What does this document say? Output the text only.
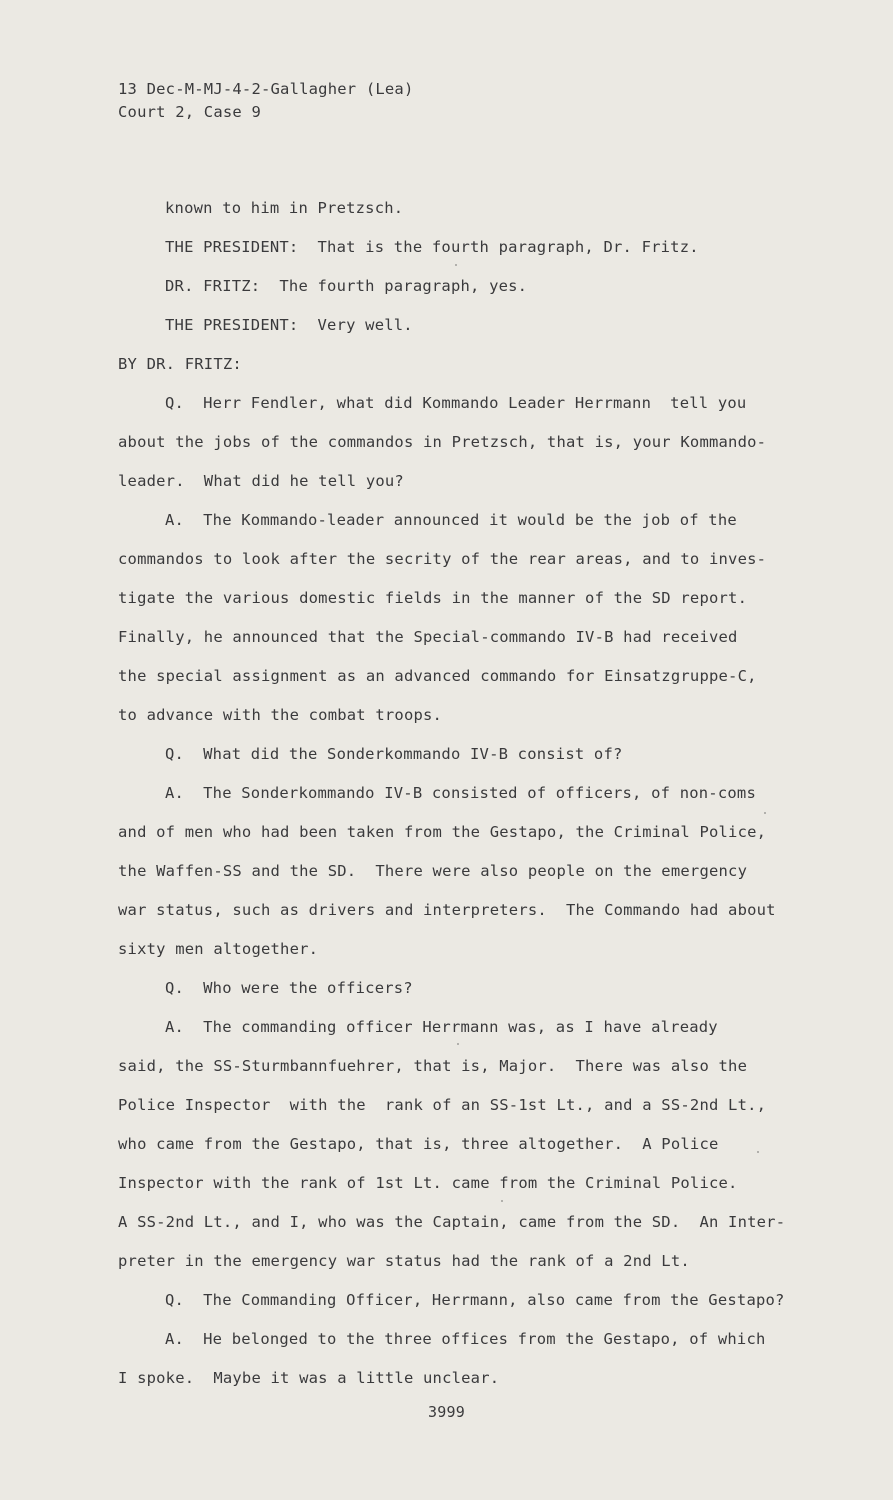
13 Dec-M-MJ-4-2-Gallagher (Lea)
Court 2, Case 9
known to him in Pretzsch.
THE PRESIDENT:  That is the fourth paragraph, Dr. Fritz.
DR. FRITZ:  The fourth paragraph, yes.
THE PRESIDENT:  Very well.
BY DR. FRITZ:
Q.  Herr Fendler, what did Kommando Leader Herrmann  tell you
about the jobs of the commandos in Pretzsch, that is, your Kommando-
leader.  What did he tell you?
A.  The Kommando-leader announced it would be the job of the
commandos to look after the secrity of the rear areas, and to inves-
tigate the various domestic fields in the manner of the SD report.
Finally, he announced that the Special-commando IV-B had received
the special assignment as an advanced commando for Einsatzgruppe-C,
to advance with the combat troops.
Q.  What did the Sonderkommando IV-B consist of?
A.  The Sonderkommando IV-B consisted of officers, of non-coms
and of men who had been taken from the Gestapo, the Criminal Police,
the Waffen-SS and the SD.  There were also people on the emergency
war status, such as drivers and interpreters.  The Commando had about
sixty men altogether.
Q.  Who were the officers?
A.  The commanding officer Herrmann was, as I have already
said, the SS-Sturmbannfuehrer, that is, Major.  There was also the
Police Inspector  with the  rank of an SS-1st Lt., and a SS-2nd Lt.,
who came from the Gestapo, that is, three altogether.  A Police
Inspector with the rank of 1st Lt. came from the Criminal Police.
A SS-2nd Lt., and I, who was the Captain, came from the SD.  An Inter-
preter in the emergency war status had the rank of a 2nd Lt.
Q.  The Commanding Officer, Herrmann, also came from the Gestapo?
A.  He belonged to the three offices from the Gestapo, of which
I spoke.  Maybe it was a little unclear.
3999
